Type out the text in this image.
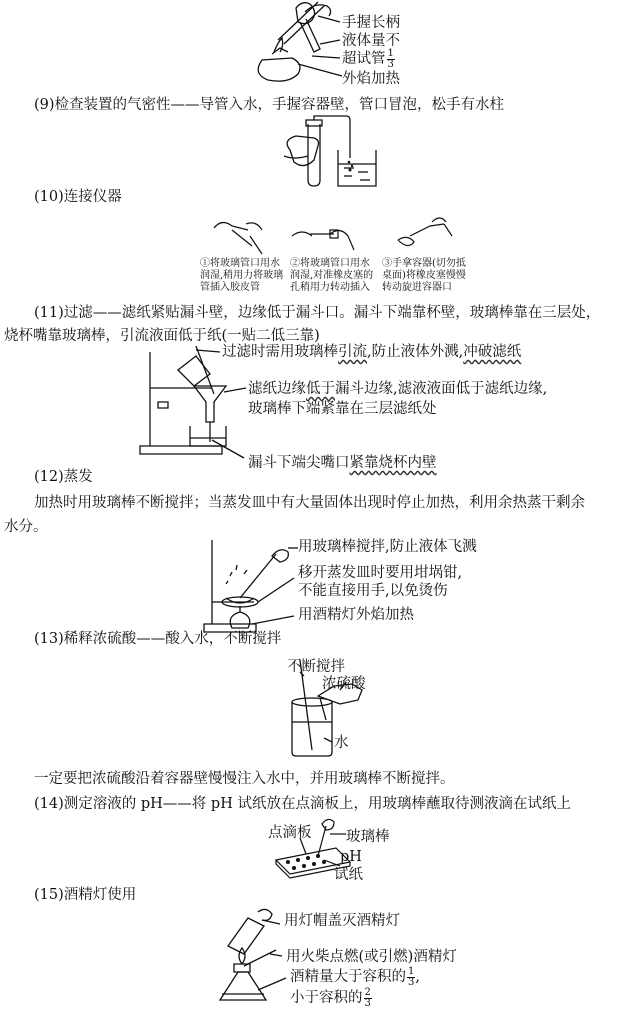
手握长柄
液体量不
超试管 $\frac{1}{3}$
外焰加热
(9)检查装置的气密性——导管入水，手握容器壁，管口冒泡，松手有水柱
(10)连接仪器
①将玻璃管口用水
润湿,稍用力将玻璃
管插入胶皮管
②将玻璃管口用水
润湿,对准橡皮塞的
孔稍用力转动插入
③手拿容器(切勿抵
桌面)将橡皮塞慢慢
转动旋进容器口
(11)过滤——滤纸紧贴漏斗壁，边缘低于漏斗口。漏斗下端靠杯壁，玻璃棒靠在三层处，
烧杯嘴靠玻璃棒，引流液面低于纸(一贴二低三靠)
过滤时需用玻璃棒引流,防止液体外溅,冲破滤纸
滤纸边缘低于漏斗边缘,滤液液面低于滤纸边缘,
玻璃棒下端紧靠在三层滤纸处
漏斗下端尖嘴口紧靠烧杯内壁
(12)蒸发
加热时用玻璃棒不断搅拌；当蒸发皿中有大量固体出现时停止加热，利用余热蒸干剩余
水分。
用玻璃棒搅拌,防止液体飞溅
移开蒸发皿时要用坩埚钳,
不能直接用手,以免烫伤
用酒精灯外焰加热
(13)稀释浓硫酸——酸入水，不断搅拌
不断搅拌
浓硫酸
水
一定要把浓硫酸沿着容器壁慢慢注入水中，并用玻璃棒不断搅拌。
(14)测定溶液的 pH——将 pH 试纸放在点滴板上，用玻璃棒蘸取待测液滴在试纸上
点滴板 玻璃棒
pH
试纸
(15)酒精灯使用
用灯帽盖灭酒精灯
用火柴点燃(或引燃)酒精灯
酒精量大于容积的 $\frac{1}{3}$ ,
小于容积的 $\frac{2}{3}$
